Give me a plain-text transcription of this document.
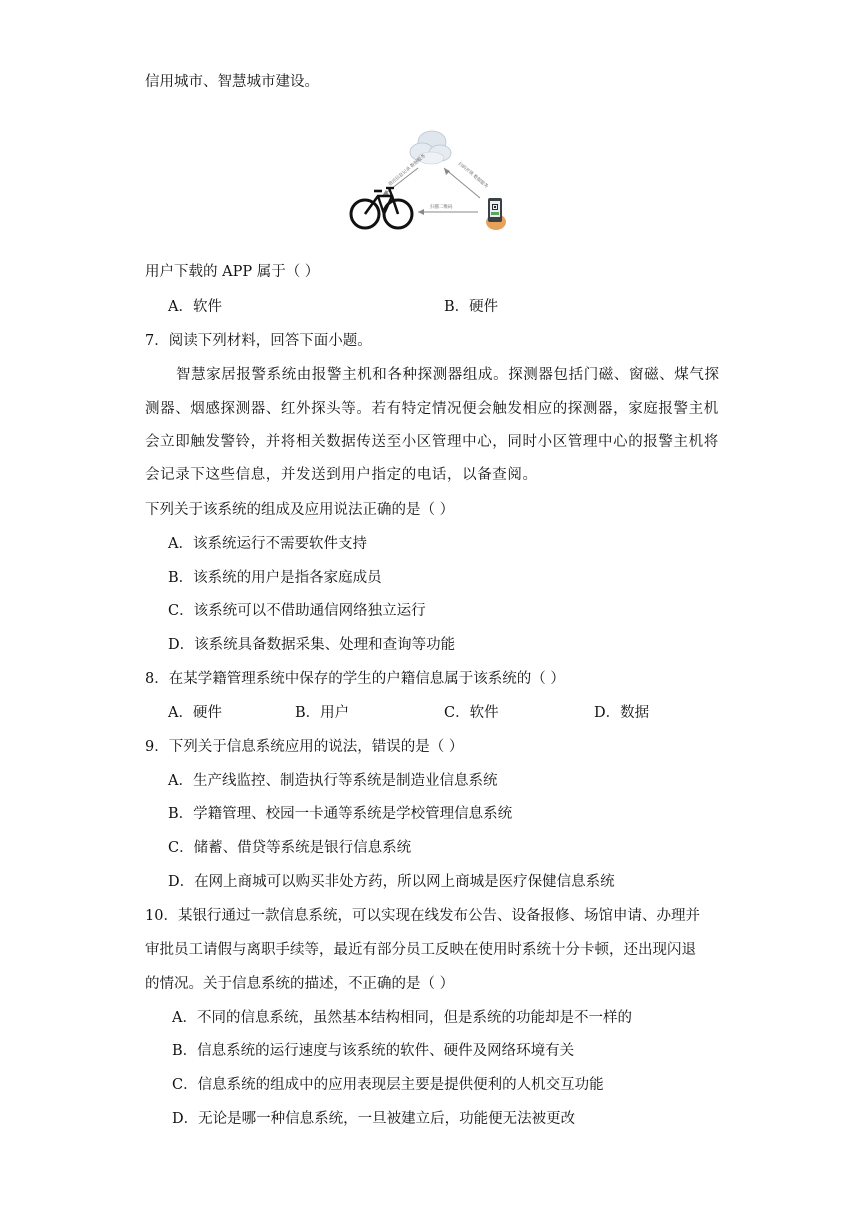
信用城市、智慧城市建设。
借还信息记录 数据服务	扫码开锁 数据服务
扫描二维码
用户下载的 APP 属于（ ）
A．软件	B．硬件
7．阅读下列材料，回答下面小题。
智慧家居报警系统由报警主机和各种探测器组成。探测器包括门磁、窗磁、煤气探
测器、烟感探测器、红外探头等。若有特定情况便会触发相应的探测器，家庭报警主机
会立即触发警铃，并将相关数据传送至小区管理中心，同时小区管理中心的报警主机将
会记录下这些信息，并发送到用户指定的电话，以备查阅。
下列关于该系统的组成及应用说法正确的是（ ）
A．该系统运行不需要软件支持
B．该系统的用户是指各家庭成员
C．该系统可以不借助通信网络独立运行
D．该系统具备数据采集、处理和查询等功能
8．在某学籍管理系统中保存的学生的户籍信息属于该系统的（ ）
A．硬件	B．用户	C．软件	D．数据
9．下列关于信息系统应用的说法，错误的是（ ）
A．生产线监控、制造执行等系统是制造业信息系统
B．学籍管理、校园一卡通等系统是学校管理信息系统
C．储蓄、借贷等系统是银行信息系统
D．在网上商城可以购买非处方药，所以网上商城是医疗保健信息系统
10．某银行通过一款信息系统，可以实现在线发布公告、设备报修、场馆申请、办理并
审批员工请假与离职手续等，最近有部分员工反映在使用时系统十分卡顿，还出现闪退
的情况。关于信息系统的描述，不正确的是（ ）
A．不同的信息系统，虽然基本结构相同，但是系统的功能却是不一样的
B．信息系统的运行速度与该系统的软件、硬件及网络环境有关
C．信息系统的组成中的应用表现层主要是提供便利的人机交互功能
D．无论是哪一种信息系统，一旦被建立后，功能便无法被更改
